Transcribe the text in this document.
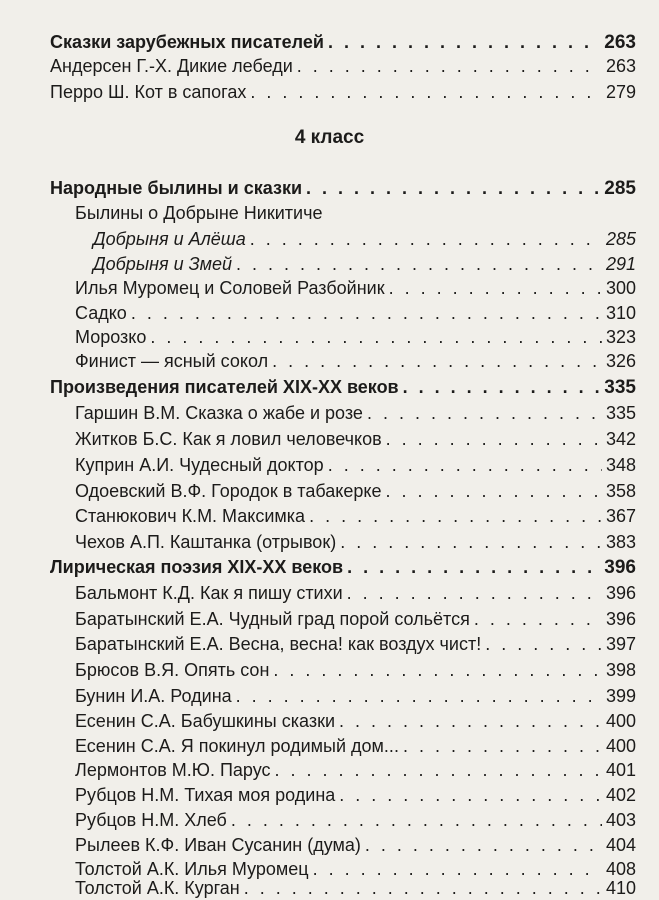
Сказки зарубежных писателей . . .	263
Андерсен Г.-Х. Дикие лебеди . . .	263
Перро Ш. Кот в сапогах . . .	279
4 класс
Народные былины и сказки . . .	285
Былины о Добрыне Никитиче
Добрыня и Алёша . . .	285
Добрыня и Змей . . .	291
Илья Муромец и Соловей Разбойник . . .	300
Садко . . .	310
Морозко . . .	323
Финист — ясный сокол . . .	326
Произведения писателей XIX-XX веков . . .	335
Гаршин В.М. Сказка о жабе и розе . . .	335
Житков Б.С. Как я ловил человечков . . .	342
Куприн А.И. Чудесный доктор . . .	348
Одоевский В.Ф. Городок в табакерке . . .	358
Станюкович К.М. Максимка . . .	367
Чехов А.П. Каштанка (отрывок) . . .	383
Лирическая поэзия XIX-XX веков . . .	396
Бальмонт К.Д. Как я пишу стихи . . .	396
Баратынский Е.А. Чудный град порой сольётся . . .	396
Баратынский Е.А. Весна, весна! как воздух чист! . . .	397
Брюсов В.Я. Опять сон . . .	398
Бунин И.А. Родина . . .	399
Есенин С.А. Бабушкины сказки . . .	400
Есенин С.А. Я покинул родимый дом... . . .	400
Лермонтов М.Ю. Парус . . .	401
Рубцов Н.М. Тихая моя родина . . .	402
Рубцов Н.М. Хлеб . . .	403
Рылеев К.Ф. Иван Сусанин (дума) . . .	404
Толстой А.К. Илья Муромец . . .	408
Толстой А.К. Курган . . .	410
